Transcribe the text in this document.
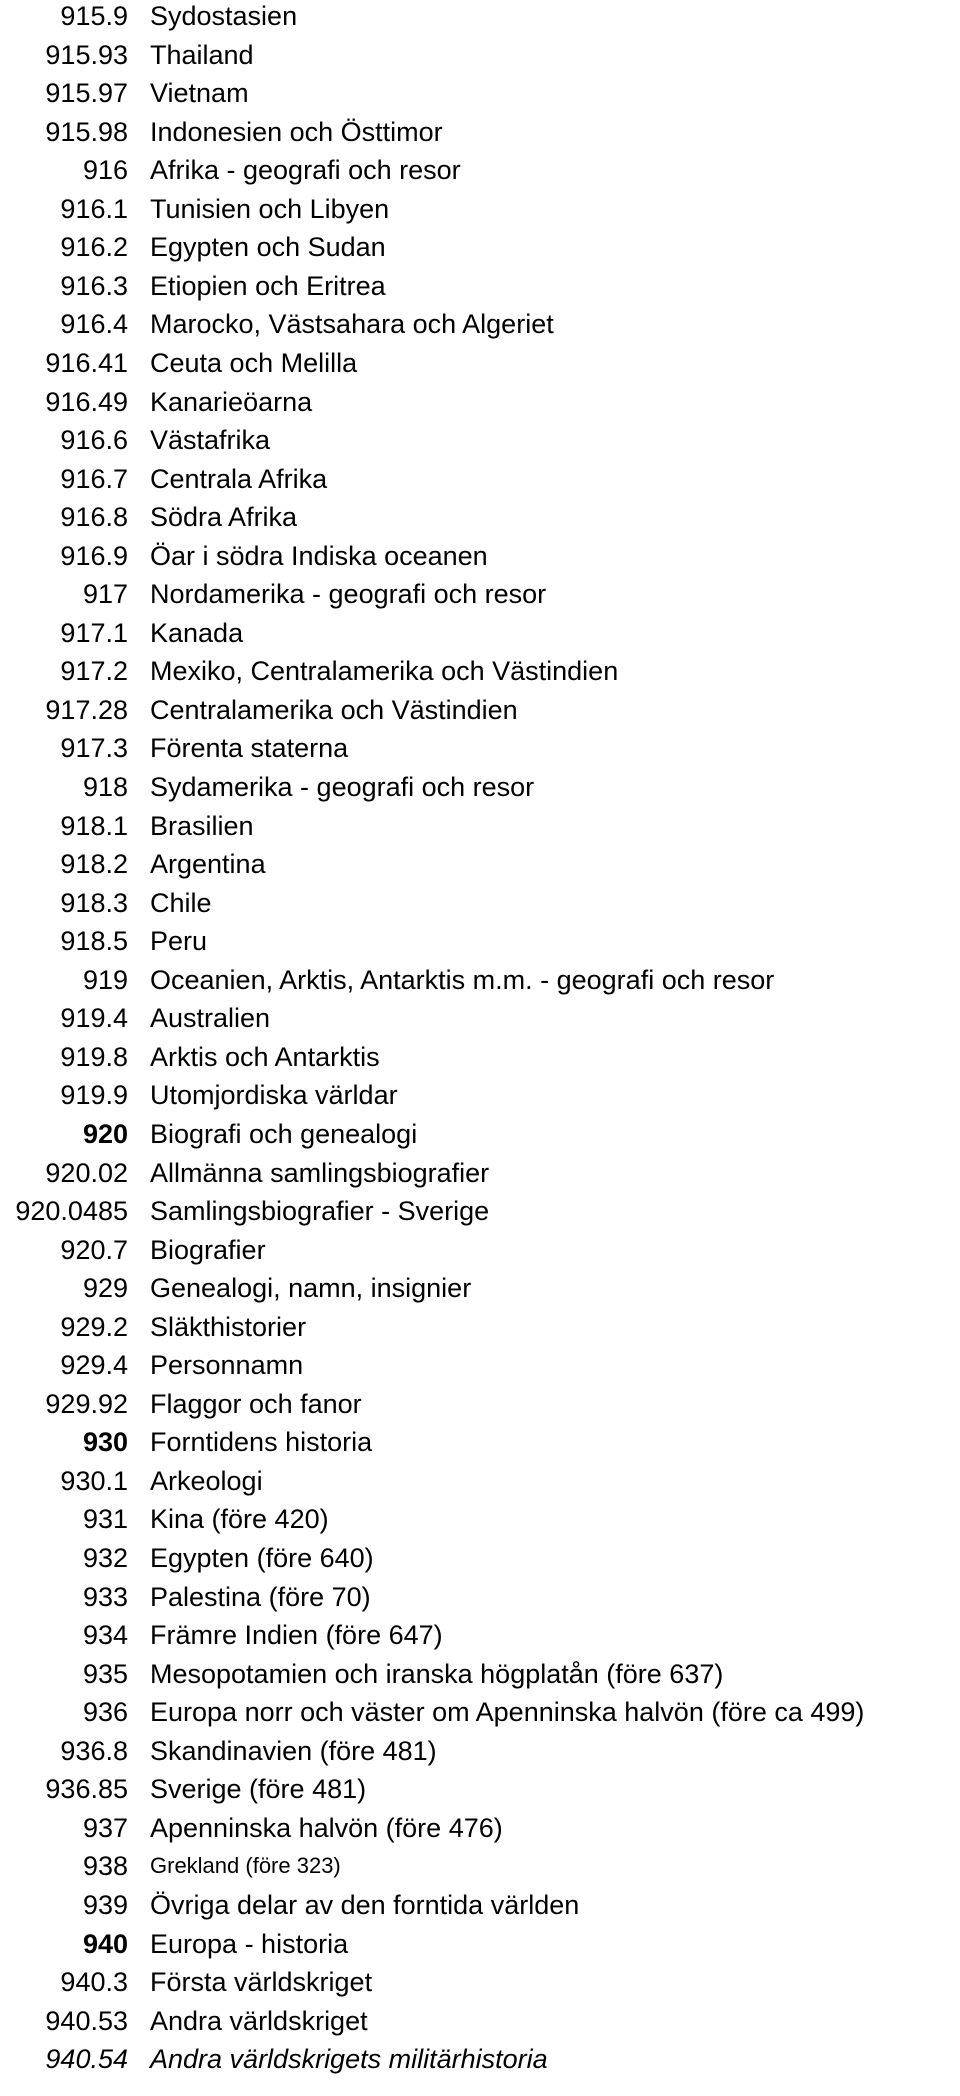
915.9 Sydostasien
915.93 Thailand
915.97 Vietnam
915.98 Indonesien och Östtimor
916 Afrika - geografi och resor
916.1 Tunisien och Libyen
916.2 Egypten och Sudan
916.3 Etiopien och Eritrea
916.4 Marocko, Västsahara och Algeriet
916.41 Ceuta och Melilla
916.49 Kanarieöarna
916.6 Västafrika
916.7 Centrala Afrika
916.8 Södra Afrika
916.9 Öar i södra Indiska oceanen
917 Nordamerika - geografi och resor
917.1 Kanada
917.2 Mexiko, Centralamerika och Västindien
917.28 Centralamerika och Västindien
917.3 Förenta staterna
918 Sydamerika - geografi och resor
918.1 Brasilien
918.2 Argentina
918.3 Chile
918.5 Peru
919 Oceanien, Arktis, Antarktis m.m. - geografi och resor
919.4 Australien
919.8 Arktis och Antarktis
919.9 Utomjordiska världar
920 Biografi och genealogi
920.02 Allmänna samlingsbiografier
920.0485 Samlingsbiografier - Sverige
920.7 Biografier
929 Genealogi, namn, insignier
929.2 Släkthistorier
929.4 Personnamn
929.92 Flaggor och fanor
930 Forntidens historia
930.1 Arkeologi
931 Kina (före 420)
932 Egypten (före 640)
933 Palestina (före 70)
934 Främre Indien (före 647)
935 Mesopotamien och iranska högplatån (före 637)
936 Europa norr och väster om Apenninska halvön (före ca 499)
936.8 Skandinavien (före 481)
936.85 Sverige (före 481)
937 Apenninska halvön (före 476)
938 Grekland (före 323)
939 Övriga delar av den forntida världen
940 Europa - historia
940.3 Första världskriget
940.53 Andra världskriget
940.54 Andra världskrigets militärhistoria
